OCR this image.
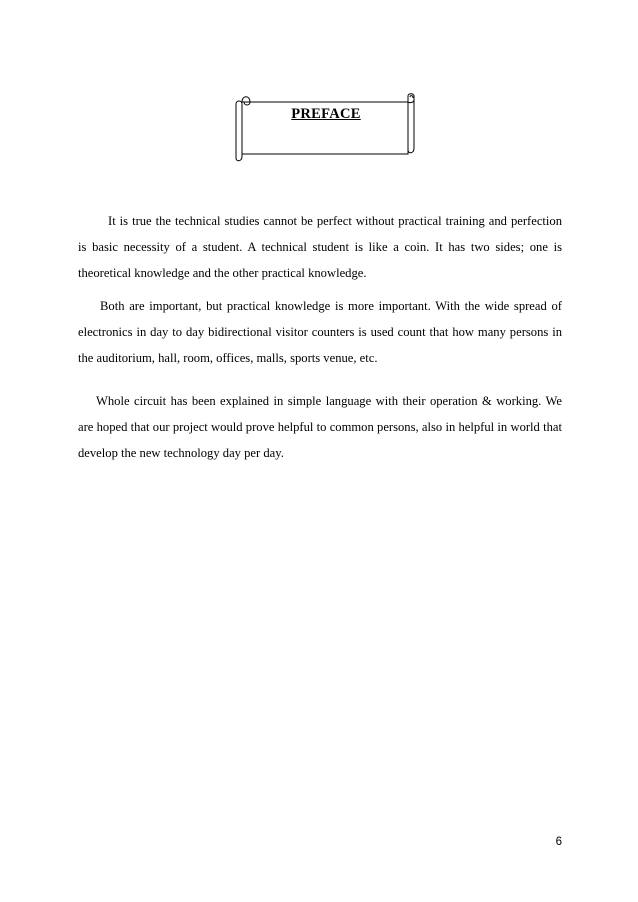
PREFACE
It is true the technical studies cannot be perfect without practical training and perfection is basic necessity of a student. A technical student is like a coin. It has two sides; one is theoretical knowledge and the other practical knowledge.
Both are important, but practical knowledge is more important. With the wide spread of electronics in day to day bidirectional visitor counters is used count that how many persons in the auditorium, hall, room, offices, malls, sports venue, etc.
Whole circuit has been explained in simple language with their operation & working. We are hoped that our project would prove helpful to common persons, also in helpful in world that develop the new technology day per day.
6
